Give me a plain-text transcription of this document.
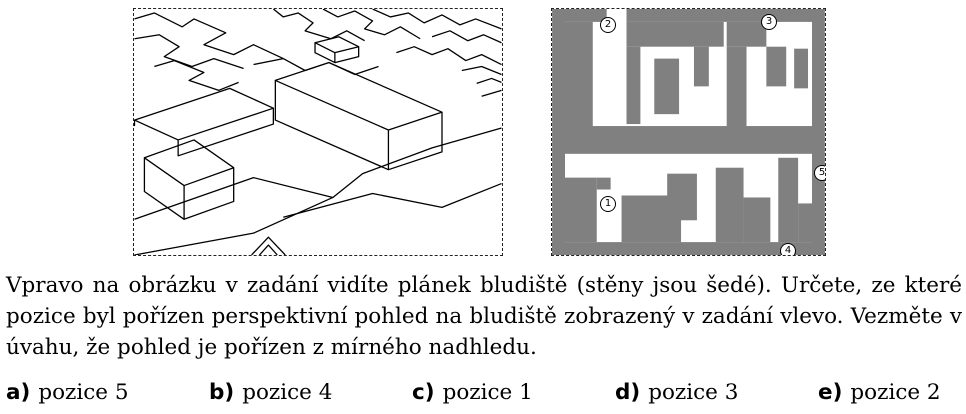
2	3
5
1
4

Vpravo na obrázku v zadání vidíte plánek bludiště (stěny jsou šedé). Určete, ze které pozice byl pořízen perspektivní pohled na bludiště zobrazený v zadání vlevo. Vezměte v úvahu, že pohled je pořízen z mírného nadhledu.

a) pozice 5	b) pozice 4	c) pozice 1	d) pozice 3	e) pozice 2
